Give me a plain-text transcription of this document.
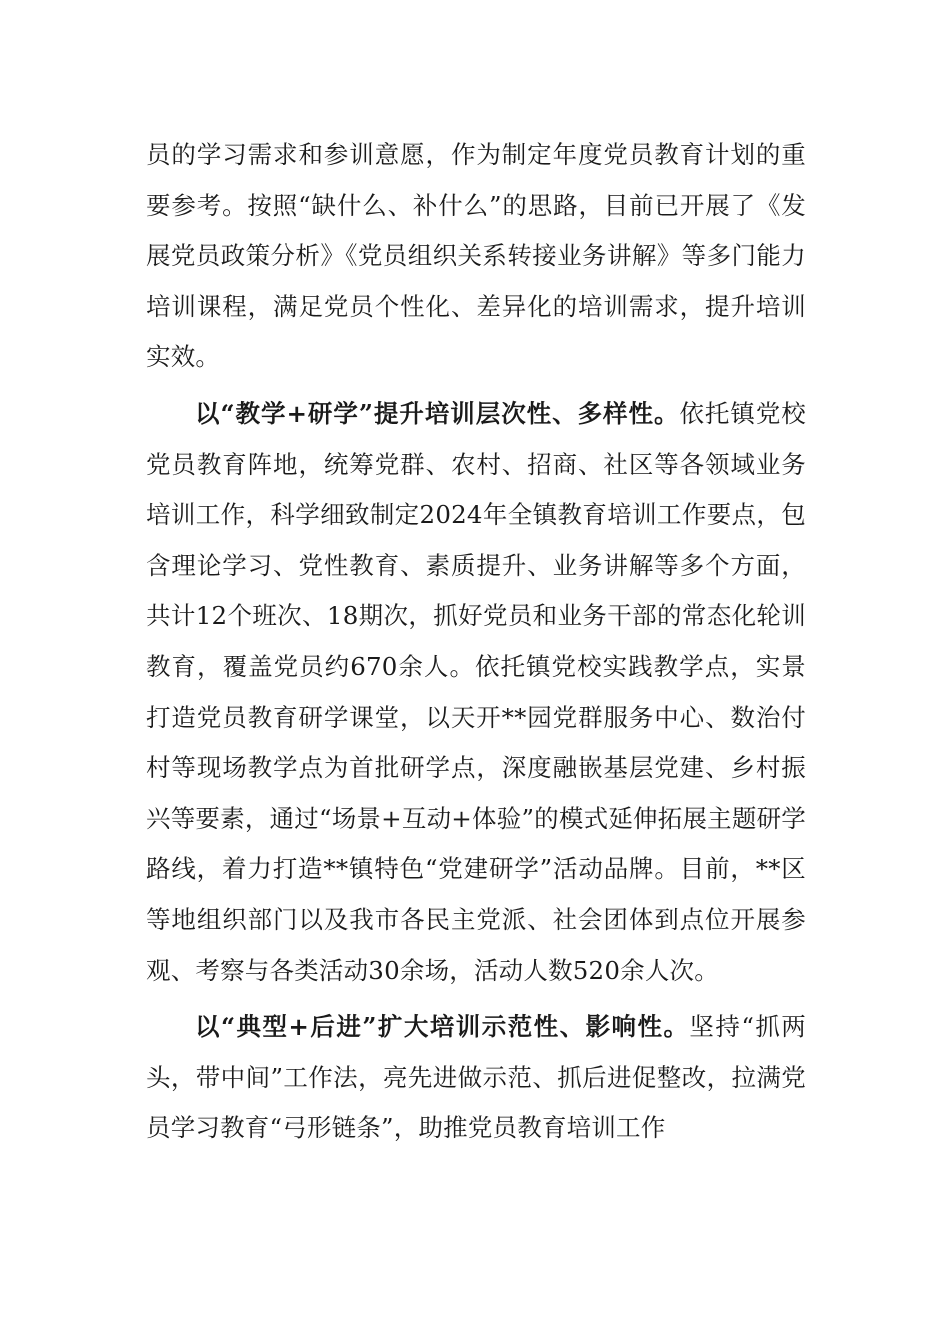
员的学习需求和参训意愿，作为制定年度党员教育计划的重要参考。按照“缺什么、补什么”的思路，目前已开展了《发展党员政策分析》《党员组织关系转接业务讲解》等多门能力培训课程，满足党员个性化、差异化的培训需求，提升培训实效。

以“教学+研学”提升培训层次性、多样性。依托镇党校党员教育阵地，统筹党群、农村、招商、社区等各领域业务培训工作，科学细致制定2024年全镇教育培训工作要点，包含理论学习、党性教育、素质提升、业务讲解等多个方面，共计12个班次、18期次，抓好党员和业务干部的常态化轮训教育，覆盖党员约670余人。依托镇党校实践教学点，实景打造党员教育研学课堂，以天开**园党群服务中心、数治付村等现场教学点为首批研学点，深度融嵌基层党建、乡村振兴等要素，通过“场景+互动+体验”的模式延伸拓展主题研学路线，着力打造**镇特色“党建研学”活动品牌。目前，**区等地组织部门以及我市各民主党派、社会团体到点位开展参观、考察与各类活动30余场，活动人数520余人次。

以“典型+后进”扩大培训示范性、影响性。坚持“抓两头，带中间”工作法，亮先进做示范、抓后进促整改，拉满党员学习教育“弓形链条”，助推党员教育培训工作
